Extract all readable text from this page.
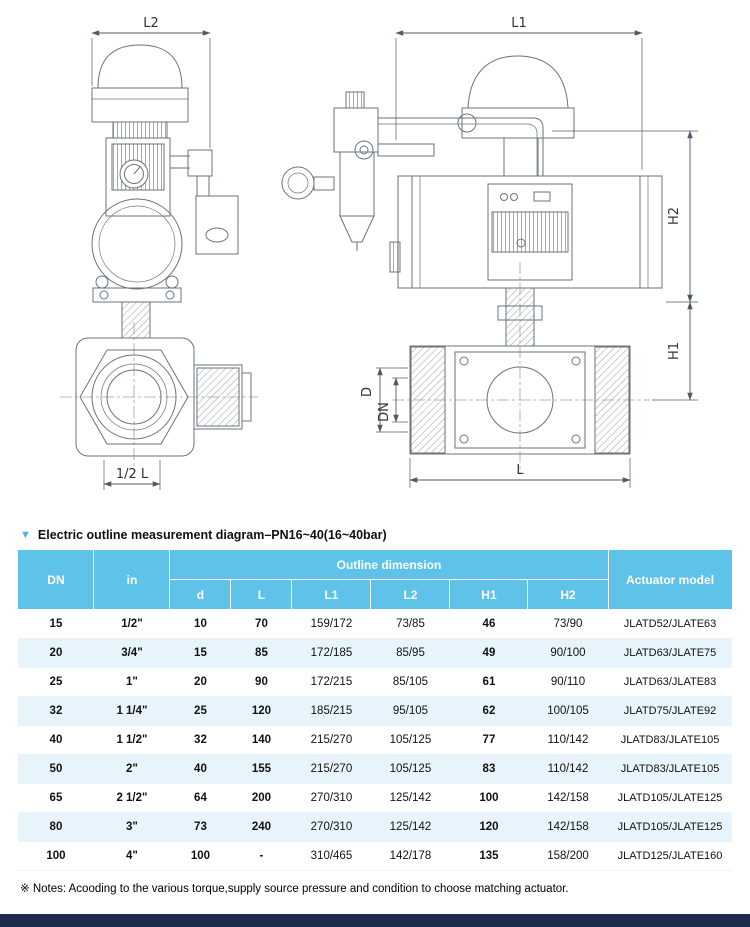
L2	L1
H2
H1
D
DN
L
1/2 L
▼ Electric outline measurement diagram–PN16~40(16~40bar)
DN	in	Outline dimension						Actuator model
		d	L	L1	L2	H1	H2	
15	1/2"	10	70	159/172	73/85	46	73/90	JLATD52/JLATE63
20	3/4"	15	85	172/185	85/95	49	90/100	JLATD63/JLATE75
25	1"	20	90	172/215	85/105	61	90/110	JLATD63/JLATE83
32	1 1/4"	25	120	185/215	95/105	62	100/105	JLATD75/JLATE92
40	1 1/2"	32	140	215/270	105/125	77	110/142	JLATD83/JLATE105
50	2"	40	155	215/270	105/125	83	110/142	JLATD83/JLATE105
65	2 1/2"	64	200	270/310	125/142	100	142/158	JLATD105/JLATE125
80	3"	73	240	270/310	125/142	120	142/158	JLATD105/JLATE125
100	4"	100	-	310/465	142/178	135	158/200	JLATD125/JLATE160

※ Notes: Acooding to the various torque,supply source pressure and condition to choose matching actuator.
